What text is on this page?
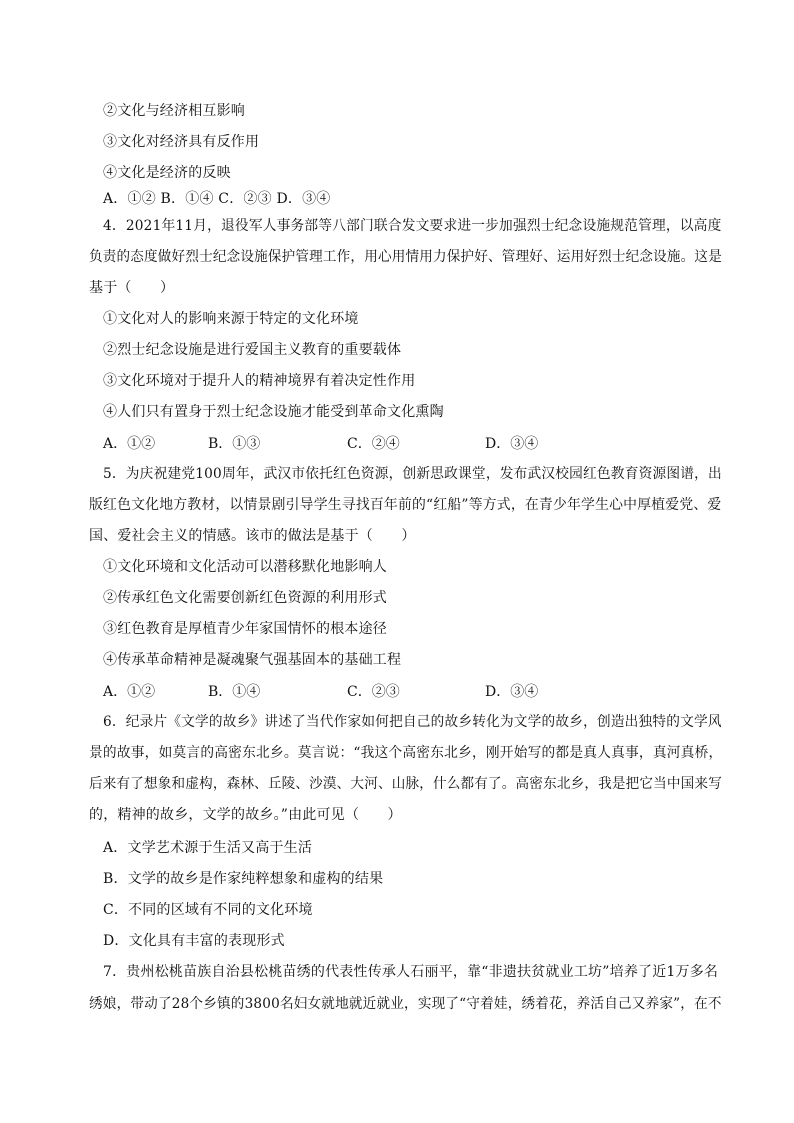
②文化与经济相互影响
③文化对经济具有反作用
④文化是经济的反映
A．①② B．①④ C．②③ D．③④
4．2021年11月，退役军人事务部等八部门联合发文要求进一步加强烈士纪念设施规范管理，以高度
负责的态度做好烈士纪念设施保护管理工作，用心用情用力保护好、管理好、运用好烈士纪念设施。这是
基于（　　）
①文化对人的影响来源于特定的文化环境
②烈士纪念设施是进行爱国主义教育的重要载体
③文化环境对于提升人的精神境界有着决定性作用
④人们只有置身于烈士纪念设施才能受到革命文化熏陶
A．①②	B．①③	C．②④	D．③④
5．为庆祝建党100周年，武汉市依托红色资源，创新思政课堂，发布武汉校园红色教育资源图谱，出
版红色文化地方教材，以情景剧引导学生寻找百年前的“红船”等方式，在青少年学生心中厚植爱党、爱
国、爱社会主义的情感。该市的做法是基于（　　）
①文化环境和文化活动可以潜移默化地影响人
②传承红色文化需要创新红色资源的利用形式
③红色教育是厚植青少年家国情怀的根本途径
④传承革命精神是凝魂聚气强基固本的基础工程
A．①②	B．①④	C．②③	D．③④
6．纪录片《文学的故乡》讲述了当代作家如何把自己的故乡转化为文学的故乡，创造出独特的文学风
景的故事，如莫言的高密东北乡。莫言说：“我这个高密东北乡，刚开始写的都是真人真事，真河真桥，
后来有了想象和虚构，森林、丘陵、沙漠、大河、山脉，什么都有了。高密东北乡，我是把它当中国来写
的，精神的故乡，文学的故乡。”由此可见（　　）
A．文学艺术源于生活又高于生活
B．文学的故乡是作家纯粹想象和虚构的结果
C．不同的区域有不同的文化环境
D．文化具有丰富的表现形式
7．贵州松桃苗族自治县松桃苗绣的代表性传承人石丽平，靠“非遗扶贫就业工坊”培养了近1万多名
绣娘，带动了28个乡镇的3800名妇女就地就近就业，实现了“守着娃，绣着花，养活自己又养家”，在不
